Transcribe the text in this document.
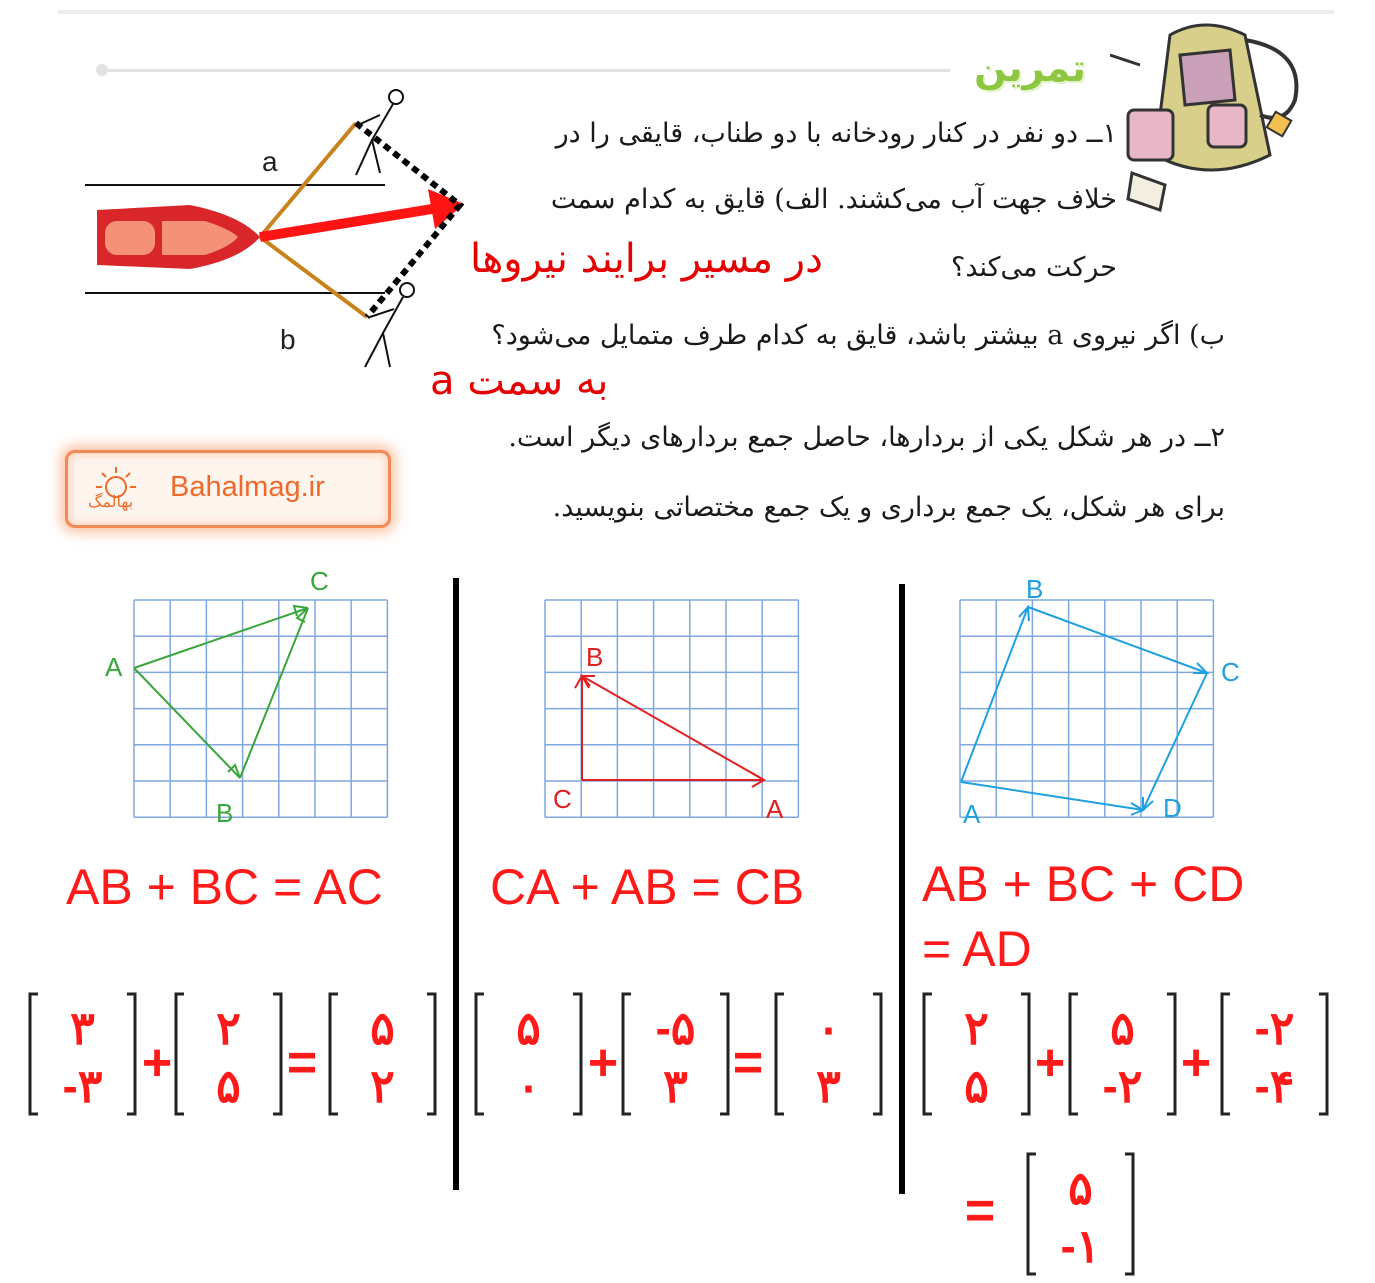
تمرین
a
b
۱ــ دو نفر در کنار رودخانه با دو طناب، قایقی را در
خلاف جهت آب می‌کشند. الف) قایق به کدام سمت
حرکت می‌کند؟
در مسیر برایند نیروها
ب) اگر نیروی a بیشتر باشد، قایق به کدام طرف متمایل می‌شود؟
به سمت a
۲ــ در هر شکل یکی از بردارها، حاصل جمع بردارهای دیگر است.
برای هر شکل، یک جمع برداری و یک جمع مختصاتی بنویسید.
بهالمگ Bahalmag.ir
A
B
C
B
C	A	A
B
C
D
AB + BC = AC CA + AB = CB AB + BC + CD
= AD
۳
-۳
۲
۵
۵
۲
+ =
۵
۰
-۵
۳
۰
۳
+ =
۲
۵
۵
-۲
-۲
-۴
+ +
۵
-۱
=
